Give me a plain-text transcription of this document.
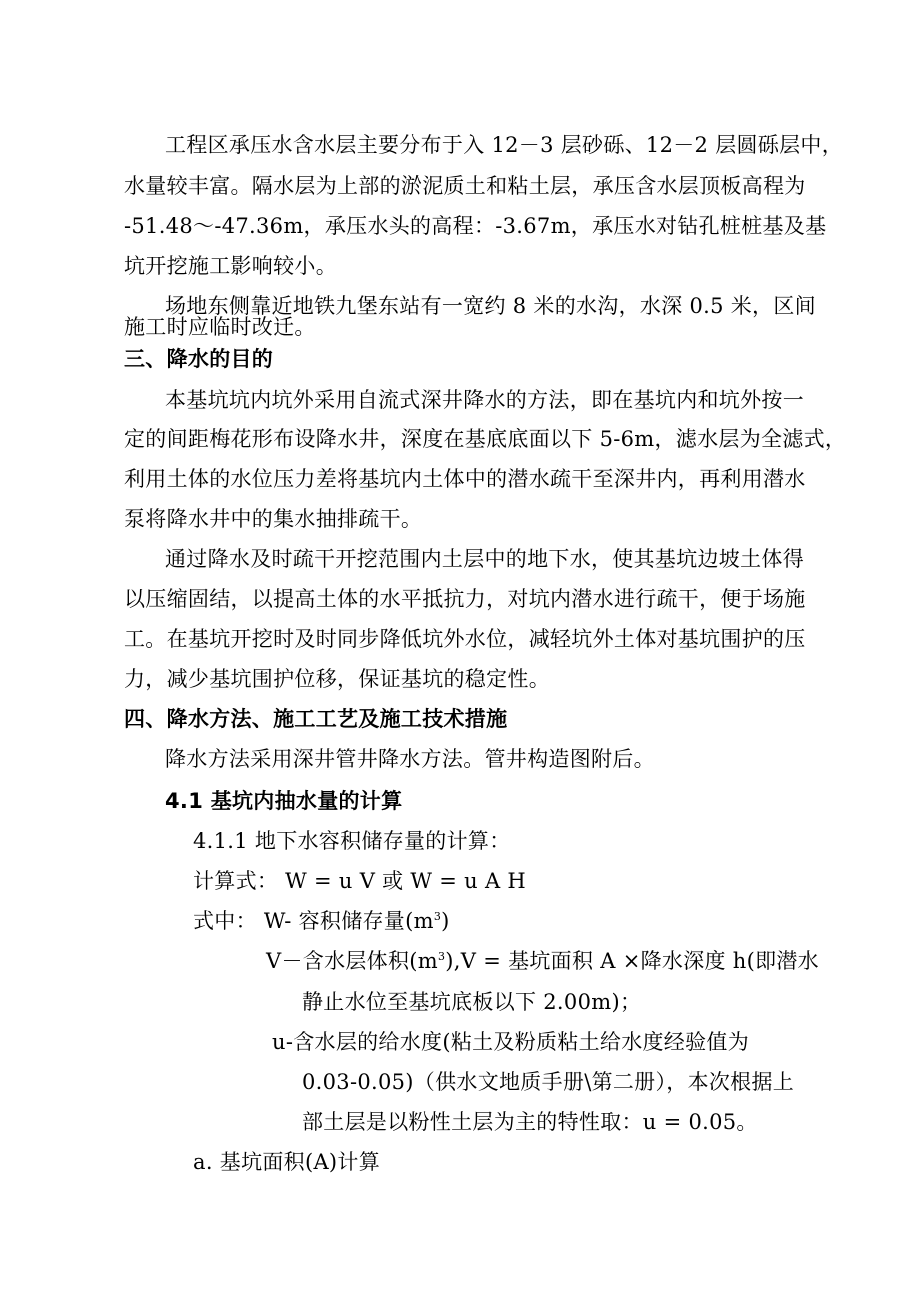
工程区承压水含水层主要分布于入 12－3 层砂砾、12－2 层圆砾层中，
水量较丰富。隔水层为上部的淤泥质土和粘土层，承压含水层顶板高程为
-51.48～-47.36m，承压水头的高程：-3.67m，承压水对钻孔桩桩基及基
坑开挖施工影响较小。
场地东侧靠近地铁九堡东站有一宽约 8 米的水沟，水深 0.5 米，区间
施工时应临时改迁。
三、降水的目的
本基坑坑内坑外采用自流式深井降水的方法，即在基坑内和坑外按一
定的间距梅花形布设降水井，深度在基底底面以下 5-6m，滤水层为全滤式，
利用土体的水位压力差将基坑内土体中的潜水疏干至深井内，再利用潜水
泵将降水井中的集水抽排疏干。
通过降水及时疏干开挖范围内土层中的地下水，使其基坑边坡土体得
以压缩固结，以提高土体的水平抵抗力，对坑内潜水进行疏干，便于场施
工。在基坑开挖时及时同步降低坑外水位，减轻坑外土体对基坑围护的压
力，减少基坑围护位移，保证基坑的稳定性。
四、降水方法、施工工艺及施工技术措施
降水方法采用深井管井降水方法。管井构造图附后。
4.1 基坑内抽水量的计算
4.1.1 地下水容积储存量的计算：
计算式： W = u V 或 W = u A H
式中： W- 容积储存量$(m^3)$
V－含水层体积$(m^3),V$ = 基坑面积 A ×降水深度 h(即潜水
静止水位至基坑底板以下 2.00m)；
u-含水层的给水度(粘土及粉质粘土给水度经验值为
0.03-0.05)（供水文地质手册\第二册），本次根据上
部土层是以粉性土层为主的特性取：u = 0.05。
a. 基坑面积(A)计算
